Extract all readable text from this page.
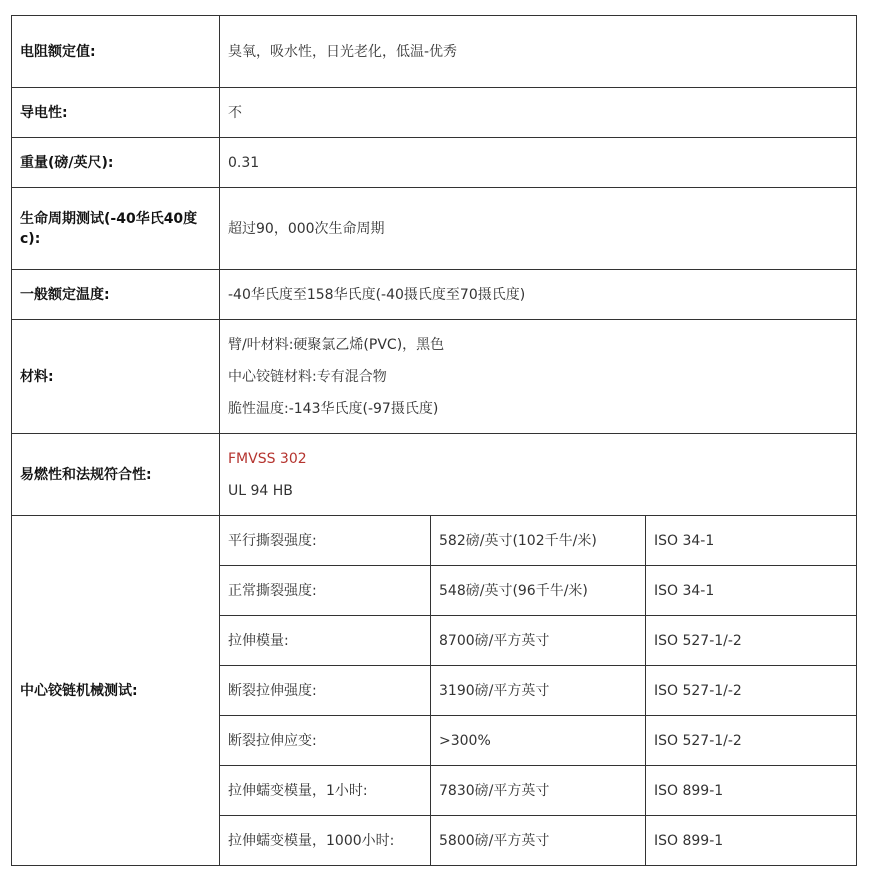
电阻额定值:	臭氧，吸水性，日光老化，低温-优秀		
导电性:	不		
重量(磅/英尺):	0.31		
生命周期测试(-40华氏40度c):	超过90，000次生命周期		
一般额定温度:	-40华氏度至158华氏度(-40摄氏度至70摄氏度)		
材料:	臂/叶材料:硬聚氯乙烯(PVC)，黑色
中心铰链材料:专有混合物
脆性温度:-143华氏度(-97摄氏度)		

易燃性和法规符合性:	FMVSS 302
UL 94 HB		

中心铰链机械测试:	平行撕裂强度:	582磅/英寸(102千牛/米)	ISO 34-1
	正常撕裂强度:	548磅/英寸(96千牛/米)	ISO 34-1
	拉伸模量:	8700磅/平方英寸	ISO 527-1/-2
	断裂拉伸强度:	3190磅/平方英寸	ISO 527-1/-2
	断裂拉伸应变:	>300%	ISO 527-1/-2
	拉伸蠕变模量，1小时:	7830磅/平方英寸	ISO 899-1
	拉伸蠕变模量，1000小时:	5800磅/平方英寸	ISO 899-1
